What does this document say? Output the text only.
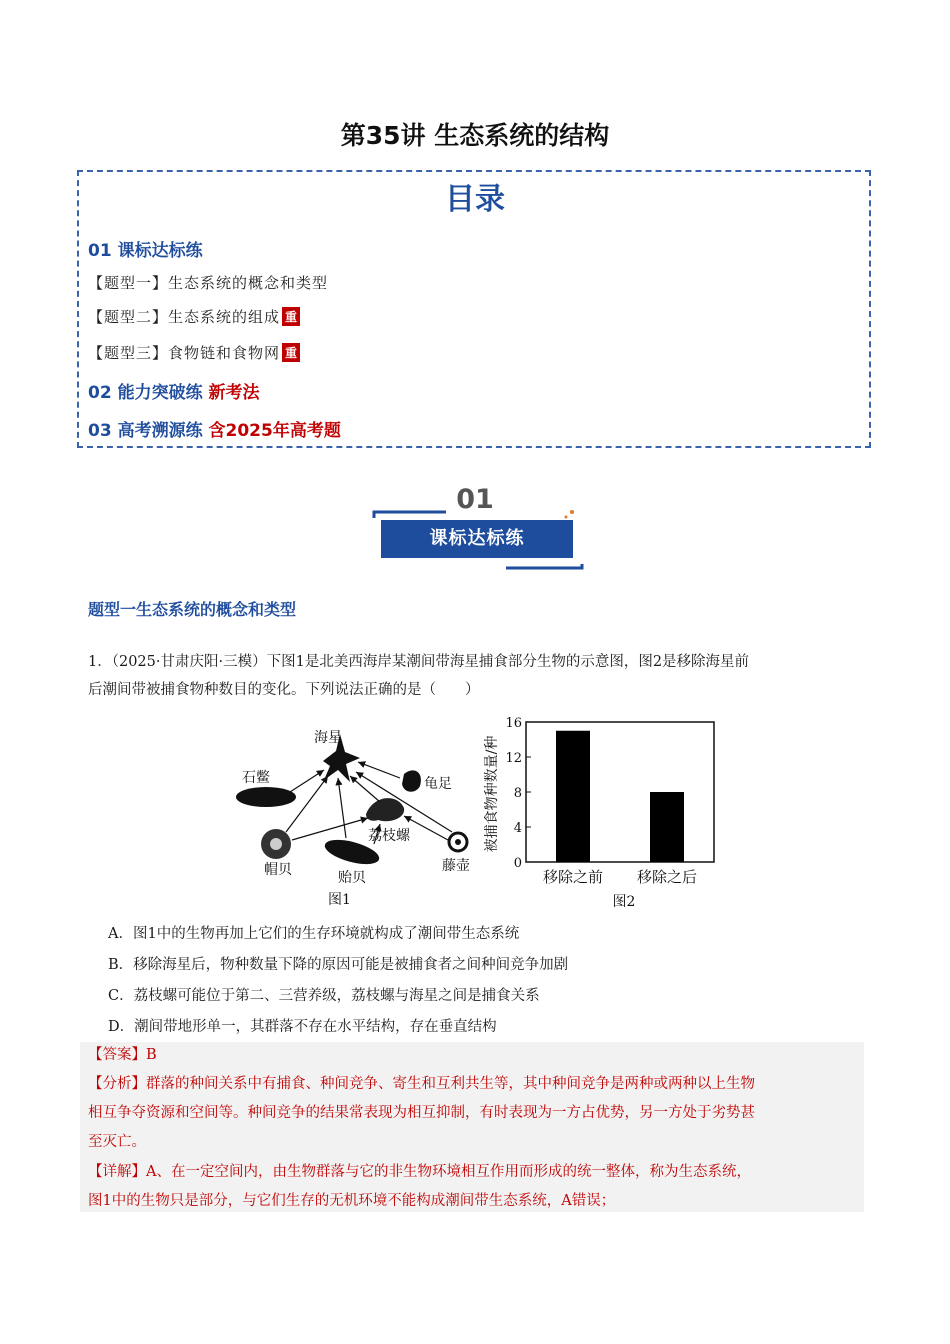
第35讲 生态系统的结构
目录
01 课标达标练
【题型一】生态系统的概念和类型
【题型二】生态系统的组成 重
【题型三】食物链和食物网 重
02 能力突破练 新考法
03 高考溯源练 含2025年高考题
01
课标达标练
题型一生态系统的概念和类型
1．（2025·甘肃庆阳·三模）下图1是北美西海岸某潮间带海星捕食部分生物的示意图，图2是移除海星前
后潮间带被捕食物种数目的变化。下列说法正确的是（　　）
海星
石鳖	龟足
荔枝螺
帽贝	贻贝
藤壶
图1
被捕食物种数量/种
0
4
8
12
16
移除之前 移除之后
图2
A．图1中的生物再加上它们的生存环境就构成了潮间带生态系统
B．移除海星后，物种数量下降的原因可能是被捕食者之间种间竞争加剧
C．荔枝螺可能位于第二、三营养级，荔枝螺与海星之间是捕食关系
D．潮间带地形单一，其群落不存在水平结构，存在垂直结构
【答案】B
【分析】群落的种间关系中有捕食、种间竞争、寄生和互利共生等，其中种间竞争是两种或两种以上生物
相互争夺资源和空间等。种间竞争的结果常表现为相互抑制，有时表现为一方占优势，另一方处于劣势甚
至灭亡。
【详解】A、在一定空间内，由生物群落与它的非生物环境相互作用而形成的统一整体，称为生态系统，
图1中的生物只是部分，与它们生存的无机环境不能构成潮间带生态系统，A错误；
